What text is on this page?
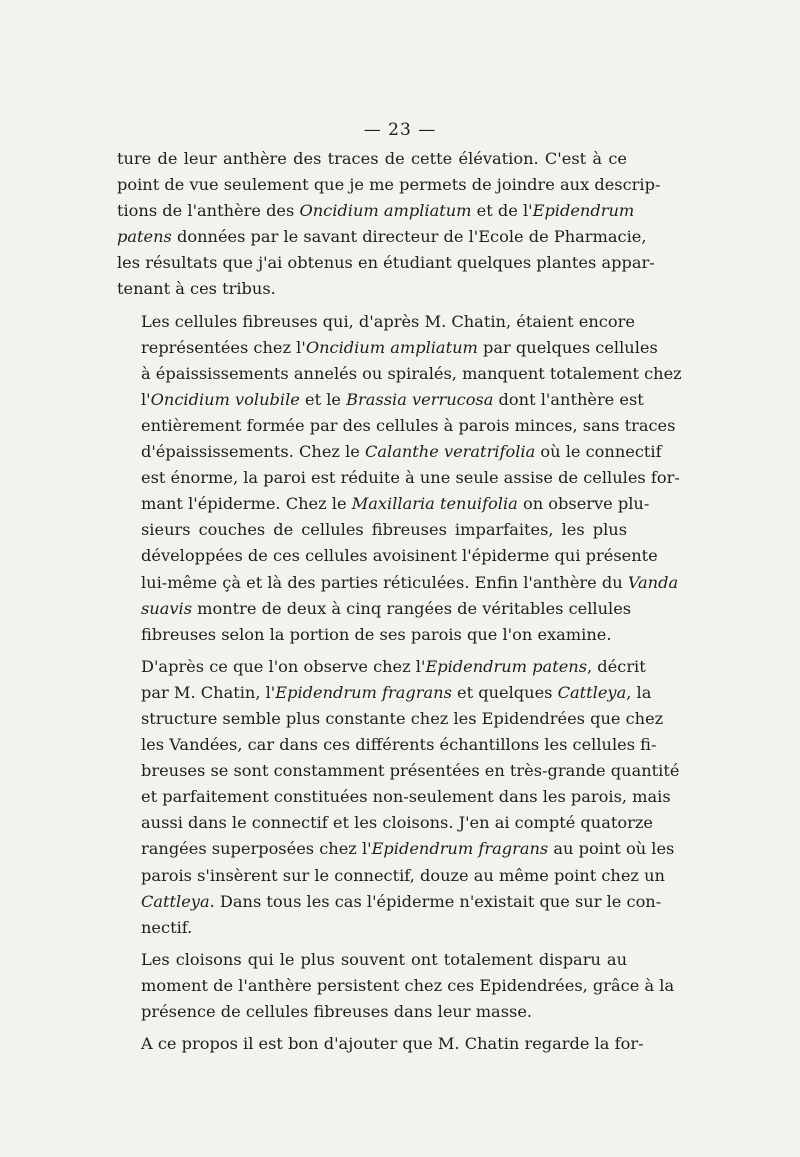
— 23 —
ture de leur anthère des traces de cette élévation. C'est à ce
point de vue seulement que je me permets de joindre aux descrip-
tions de l'anthère des Oncidium ampliatum et de l'Epidendrum
patens données par le savant directeur de l'Ecole de Pharmacie,
les résultats que j'ai obtenus en étudiant quelques plantes appar-
tenant à ces tribus.
Les cellules fibreuses qui, d'après M. Chatin, étaient encore
représentées chez l'Oncidium ampliatum par quelques cellules
à épaississements annelés ou spiralés, manquent totalement chez
l'Oncidium volubile et le Brassia verrucosa dont l'anthère est
entièrement formée par des cellules à parois minces, sans traces
d'épaississements. Chez le Calanthe veratrifolia où le connectif
est énorme, la paroi est réduite à une seule assise de cellules for-
mant l'épiderme. Chez le Maxillaria tenuifolia on observe plu-
sieurs couches de cellules fibreuses imparfaites, les plus
développées de ces cellules avoisinent l'épiderme qui présente
lui-même çà et là des parties réticulées. Enfin l'anthère du Vanda
suavis montre de deux à cinq rangées de véritables cellules
fibreuses selon la portion de ses parois que l'on examine.
D'après ce que l'on observe chez l'Epidendrum patens, décrit
par M. Chatin, l'Epidendrum fragrans et quelques Cattleya, la
structure semble plus constante chez les Epidendrées que chez
les Vandées, car dans ces différents échantillons les cellules fi-
breuses se sont constamment présentées en très-grande quantité
et parfaitement constituées non-seulement dans les parois, mais
aussi dans le connectif et les cloisons. J'en ai compté quatorze
rangées superposées chez l'Epidendrum fragrans au point où les
parois s'insèrent sur le connectif, douze au même point chez un
Cattleya. Dans tous les cas l'épiderme n'existait que sur le con-
nectif.
Les cloisons qui le plus souvent ont totalement disparu au
moment de l'anthère persistent chez ces Epidendrées, grâce à la
présence de cellules fibreuses dans leur masse.
A ce propos il est bon d'ajouter que M. Chatin regarde la for-
